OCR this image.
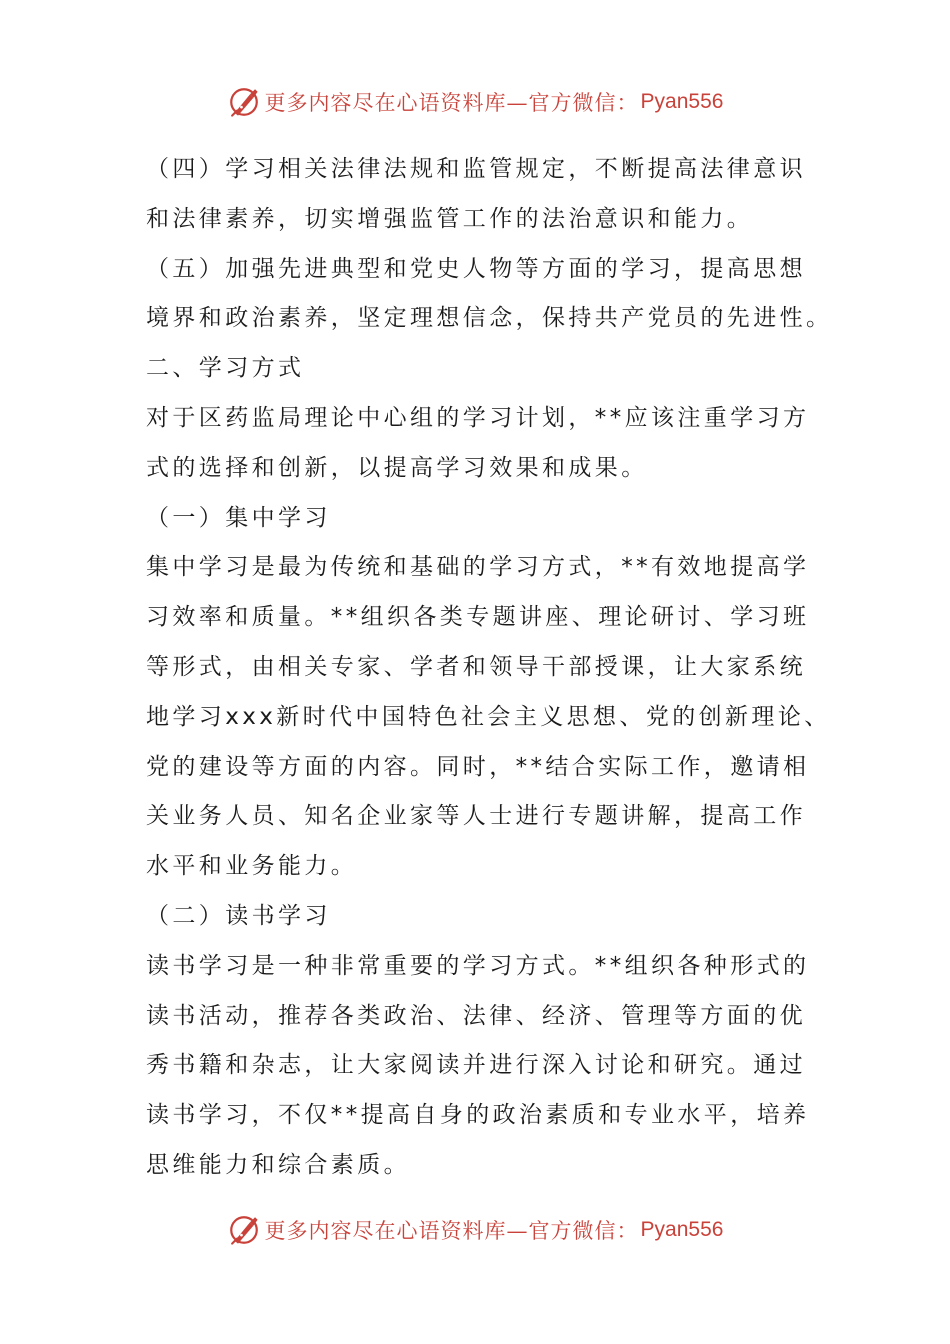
更多内容尽在心语资料库—官方微信： Pyan556
（四）学习相关法律法规和监管规定，不断提高法律意识
和法律素养，切实增强监管工作的法治意识和能力。
（五）加强先进典型和党史人物等方面的学习，提高思想
境界和政治素养，坚定理想信念，保持共产党员的先进性。
二、学习方式
对于区药监局理论中心组的学习计划，**应该注重学习方
式的选择和创新，以提高学习效果和成果。
（一）集中学习
集中学习是最为传统和基础的学习方式，**有效地提高学
习效率和质量。**组织各类专题讲座、理论研讨、学习班
等形式，由相关专家、学者和领导干部授课，让大家系统
地学习xxx新时代中国特色社会主义思想、党的创新理论、
党的建设等方面的内容。同时，**结合实际工作，邀请相
关业务人员、知名企业家等人士进行专题讲解，提高工作
水平和业务能力。
（二）读书学习
读书学习是一种非常重要的学习方式。**组织各种形式的
读书活动，推荐各类政治、法律、经济、管理等方面的优
秀书籍和杂志，让大家阅读并进行深入讨论和研究。通过
读书学习，不仅**提高自身的政治素质和专业水平，培养
思维能力和综合素质。
更多内容尽在心语资料库—官方微信： Pyan556
